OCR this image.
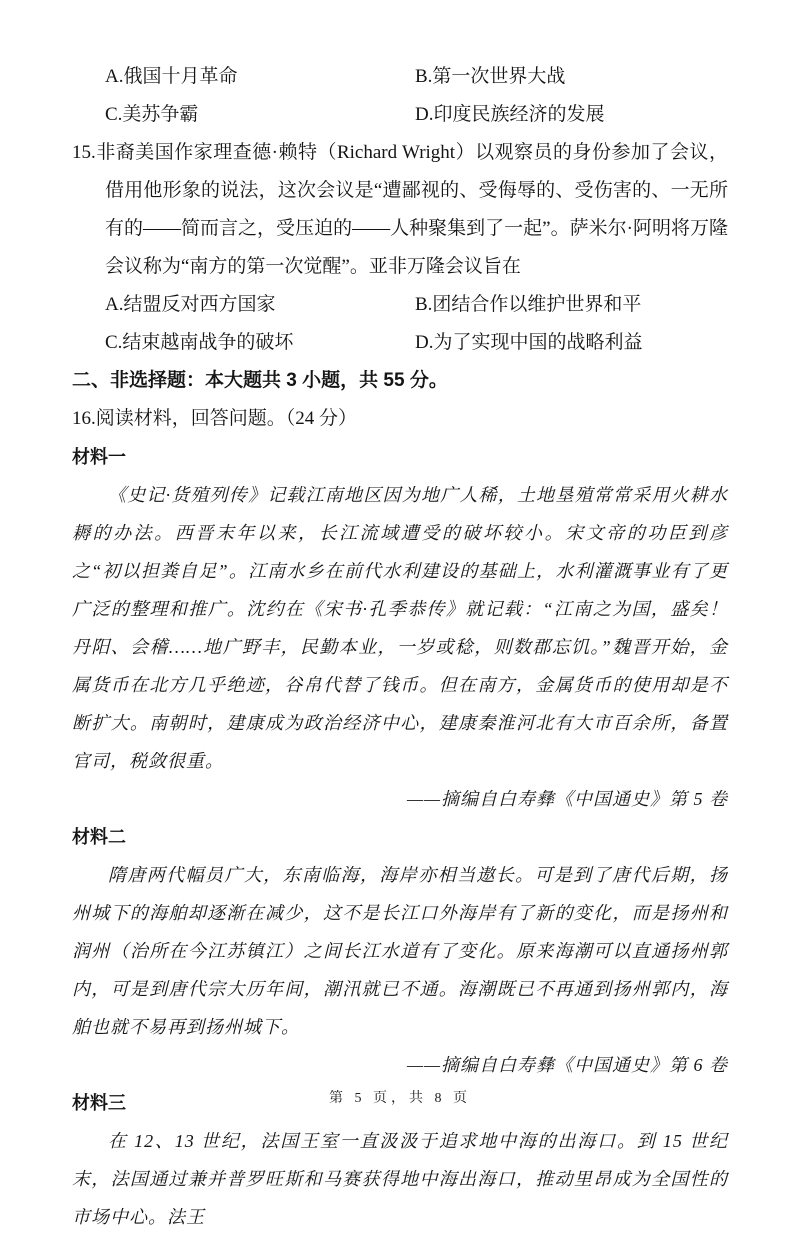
A.俄国十月革命	B.第一次世界大战
C.美苏争霸	D.印度民族经济的发展

15.非裔美国作家理查德·赖特（Richard Wright）以观察员的身份参加了会议，借用他形象的说法，这次会议是“遭鄙视的、受侮辱的、受伤害的、一无所有的——简而言之，受压迫的——人种聚集到了一起”。萨米尔·阿明将万隆会议称为“南方的第一次觉醒”。亚非万隆会议旨在

A.结盟反对西方国家	B.团结合作以维护世界和平
C.结束越南战争的破坏	D.为了实现中国的战略利益

二、非选择题：本大题共 3 小题，共 55 分。

16.阅读材料，回答问题。（24 分）

材料一

《史记·货殖列传》记载江南地区因为地广人稀，土地垦殖常常采用火耕水耨的办法。西晋末年以来，长江流域遭受的破坏较小。宋文帝的功臣到彦之“初以担粪自足”。江南水乡在前代水利建设的基础上，水利灌溉事业有了更广泛的整理和推广。沈约在《宋书·孔季恭传》就记载：“江南之为国，盛矣！丹阳、会稽……地广野丰，民勤本业，一岁或稔，则数郡忘饥。”魏晋开始，金属货币在北方几乎绝迹，谷帛代替了钱币。但在南方，金属货币的使用却是不断扩大。南朝时，建康成为政治经济中心，建康秦淮河北有大市百余所，备置官司，税敛很重。

——摘编自白寿彝《中国通史》第 5 卷

材料二

隋唐两代幅员广大，东南临海，海岸亦相当遨长。可是到了唐代后期，扬州城下的海舶却逐渐在减少，这不是长江口外海岸有了新的变化，而是扬州和润州（治所在今江苏镇江）之间长江水道有了变化。原来海潮可以直通扬州郭内，可是到唐代宗大历年间，潮汛就已不通。海潮既已不再通到扬州郭内，海舶也就不易再到扬州城下。

——摘编自白寿彝《中国通史》第 6 卷

材料三

在 12、13 世纪，法国王室一直汲汲于追求地中海的出海口。到 15 世纪末，法国通过兼并普罗旺斯和马赛获得地中海出海口，推动里昂成为全国性的市场中心。法王

第 5 页，共 8 页
